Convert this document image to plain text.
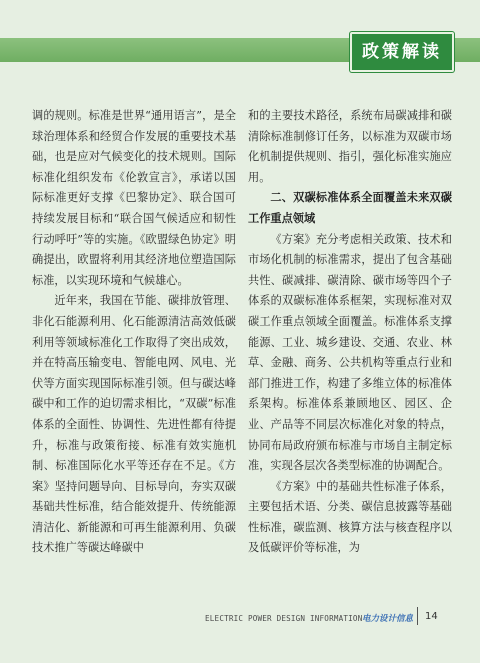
政策解读

调的规则。标准是世界“通用语言”，是全球治理体系和经贸合作发展的重要技术基础，也是应对气候变化的技术规则。国际标准化组织发布《伦敦宣言》，承诺以国际标准更好支撑《巴黎协定》、联合国可持续发展目标和“联合国气候适应和韧性行动呼吁”等的实施。《欧盟绿色协定》明确提出，欧盟将利用其经济地位塑造国际标准，以实现环境和气候雄心。

近年来，我国在节能、碳排放管理、非化石能源利用、化石能源清洁高效低碳利用等领域标准化工作取得了突出成效，并在特高压输变电、智能电网、风电、光伏等方面实现国际标准引领。但与碳达峰碳中和工作的迫切需求相比，“双碳”标准体系的全面性、协调性、先进性都有待提升，标准与政策衔接、标准有效实施机制、标准国际化水平等还存在不足。《方案》坚持问题导向、目标导向，夯实双碳基础共性标准，结合能效提升、传统能源清洁化、新能源和可再生能源利用、负碳技术推广等碳达峰碳中

和的主要技术路径，系统布局碳减排和碳清除标准制修订任务，以标准为双碳市场化机制提供规则、指引，强化标准实施应用。

二、双碳标准体系全面覆盖未来双碳工作重点领域

《方案》充分考虑相关政策、技术和市场化机制的标准需求，提出了包含基础共性、碳减排、碳清除、碳市场等四个子体系的双碳标准体系框架，实现标准对双碳工作重点领域全面覆盖。标准体系支撑能源、工业、城乡建设、交通、农业、林草、金融、商务、公共机构等重点行业和部门推进工作，构建了多维立体的标准体系架构。标准体系兼顾地区、园区、企业、产品等不同层次标准化对象的特点，协同布局政府颁布标准与市场自主制定标准，实现各层次各类型标准的协调配合。

《方案》中的基础共性标准子体系，主要包括术语、分类、碳信息披露等基础性标准，碳监测、核算方法与核查程序以及低碳评价等标准，为

ELECTRIC POWER DESIGN INFORMATION 电力设计信息 14
